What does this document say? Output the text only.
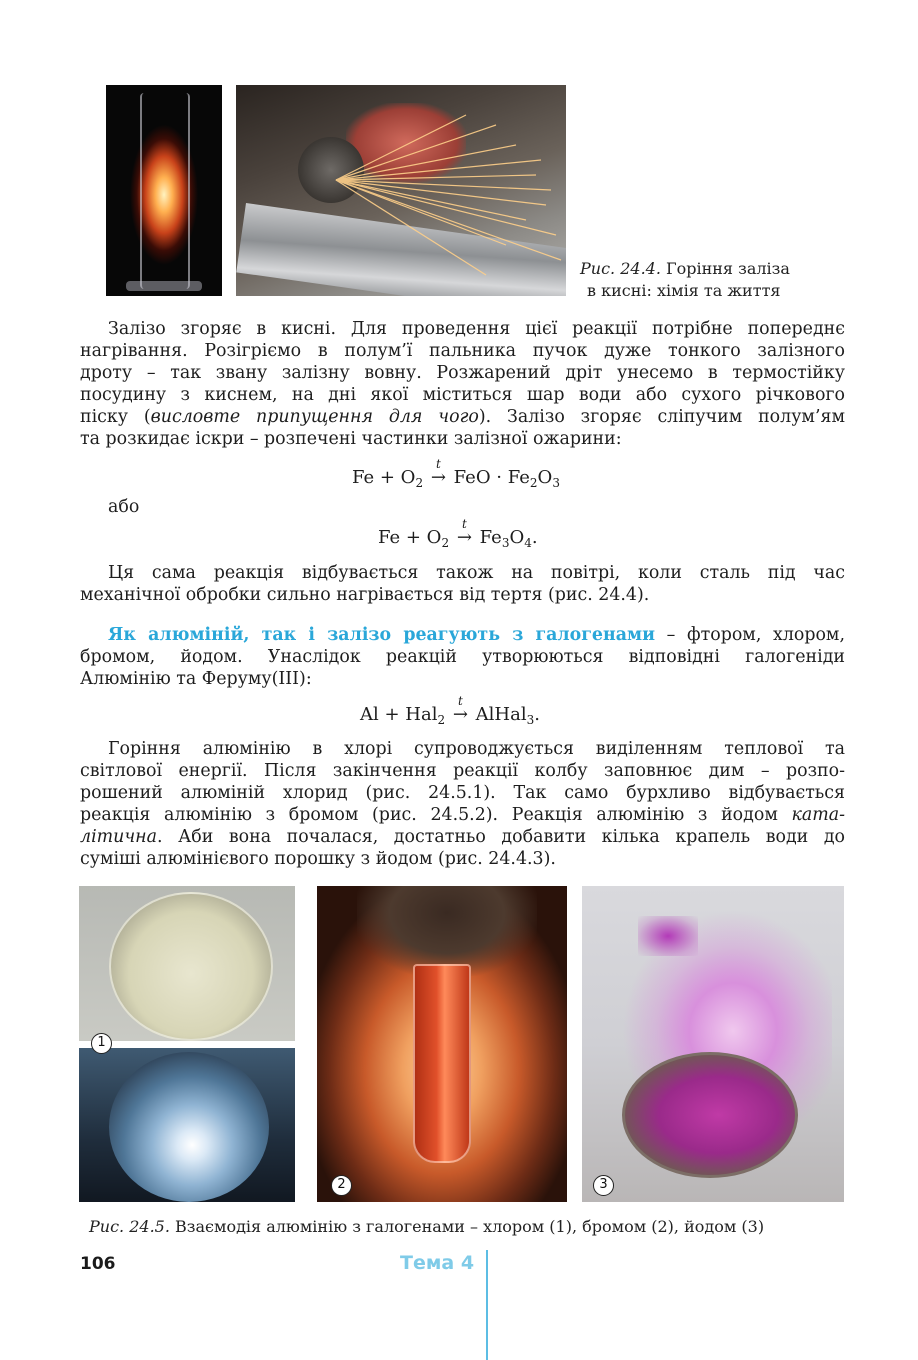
Рис. 24.4. Горіння заліза
в кисні: хімія та життя
Залізо згоряє в кисні. Для проведення цієї реакції потрібне попереднє
нагрівання. Розігріємо в полум’ї пальника пучок дуже тонкого залізного
дроту – так звану залізну вовну. Розжарений дріт унесемо в термостійку
посудину з киснем, на дні якої міститься шар води або сухого річкового
піску (висловте припущення для чого). Залізо згоряє сліпучим полум’ям
та розкидає іскри – розпечені частинки залізної ожарини:
$Fe + O_2$
t
→ FeO · $Fe_2O_3$
або
$Fe + O_2$
t
→ $Fe_3O_4$.
Ця сама реакція відбувається також на повітрі, коли сталь під час
механічної обробки сильно нагрівається від тертя (рис. 24.4).
Як алюміній, так і залізо реагують з галогенами – фтором, хлором,
бромом, йодом. Унаслідок реакцій утворюються відповідні галогеніди
Алюмінію та Феруму(III):
Al + Hal$_2$
t
→ AlHal$_3$.
Горіння алюмінію в хлорі супроводжується виділенням теплової та
світлової енергії. Після закінчення реакції колбу заповнює дим – розпо-
рошений алюміній хлорид (рис. 24.5.1). Так само бурхливо відбувається
реакція алюмінію з бромом (рис. 24.5.2). Реакція алюмінію з йодом ката-
літична. Аби вона почалася, достатньо добавити кілька крапель води до
суміші алюмінієвого порошку з йодом (рис. 24.4.3).
1
2	3
Рис. 24.5. Взаємодія алюмінію з галогенами – хлором (1), бромом (2), йодом (3)
106	Тема 4
